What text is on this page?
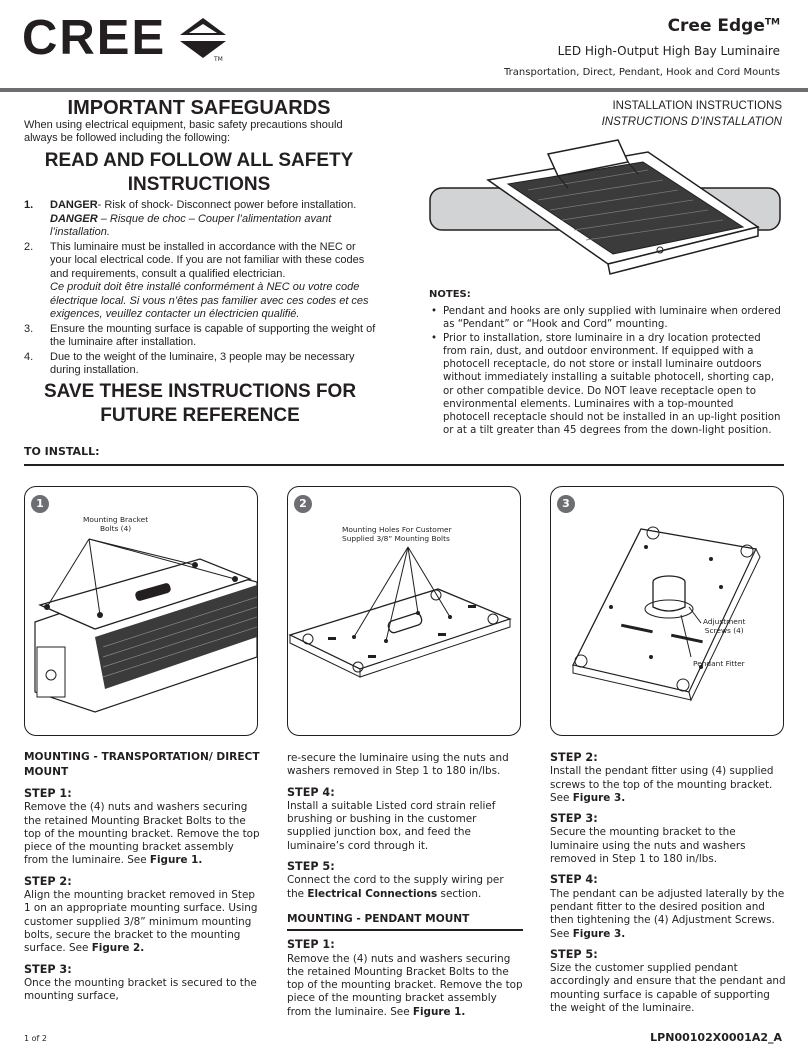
CREE	TM
Cree Edge™
LED High-Output High Bay Luminaire
Transportation, Direct, Pendant, Hook and Cord Mounts
IMPORTANT SAFEGUARDS
When using electrical equipment, basic safety precautions should always be followed including the following:
READ AND FOLLOW ALL SAFETY INSTRUCTIONS
1.	DANGER- Risk of shock- Disconnect power before installation.
DANGER – Risque de choc – Couper l’alimentation avant l’installation.
2.	This luminaire must be installed in accordance with the NEC or your local electrical code. If you are not familiar with these codes and requirements, consult a qualified electrician.
Ce produit doit être installé conformément à NEC ou votre code électrique local. Si vous n’êtes pas familier avec ces codes et ces exigences, veuillez contacter un électricien qualifié.
3.	Ensure the mounting surface is capable of supporting the weight of the luminaire after installation.
4.	Due to the weight of the luminaire, 3 people may be necessary during installation.
SAVE THESE INSTRUCTIONS FOR FUTURE REFERENCE
INSTALLATION INSTRUCTIONS
INSTRUCTIONS D’INSTALLATION
NOTES:
• Pendant and hooks are only supplied with luminaire when ordered as “Pendant” or “Hook and Cord” mounting.
• Prior to installation, store luminaire in a dry location protected from rain, dust, and outdoor environment. If equipped with a photocell receptacle, do not store or install luminaire outdoors without immediately installing a suitable photocell, shorting cap, or other compatible device. Do NOT leave receptacle open to environmental elements. Luminaires with a top-mounted photocell receptacle should not be installed in an up-light position or at a tilt greater than 45 degrees from the down-light position.
TO INSTALL:
1
Mounting Bracket
Bolts (4)
2
Mounting Holes For Customer
Supplied 3/8” Mounting Bolts
3
Adjustment
Screws (4)
Pendant Fitter
MOUNTING - TRANSPORTATION/ DIRECT MOUNT
STEP 1:

Remove the (4) nuts and washers securing the retained Mounting Bracket Bolts to the top of the mounting bracket. Remove the top piece of the mounting bracket assembly from the luminaire. See Figure 1.

STEP 2:

Align the mounting bracket removed in Step 1 on an appropriate mounting surface. Using customer supplied 3/8” minimum mounting bolts, secure the bracket to the mounting surface. See Figure 2.

STEP 3:

Once the mounting bracket is secured to the mounting surface,

re-secure the luminaire using the nuts and washers removed in Step 1 to 180 in/lbs.

STEP 4:

Install a suitable Listed cord strain relief brushing or bushing in the customer supplied junction box, and feed the luminaire’s cord through it.

STEP 5:

Connect the cord to the supply wiring per the Electrical Connections section.

MOUNTING - PENDANT MOUNT
STEP 1:

Remove the (4) nuts and washers securing the retained Mounting Bracket Bolts to the top of the mounting bracket. Remove the top piece of the mounting bracket assembly from the luminaire. See Figure 1.

STEP 2:

Install the pendant fitter using (4) supplied screws to the top of the mounting bracket. See Figure 3.

STEP 3:

Secure the mounting bracket to the luminaire using the nuts and washers removed in Step 1 to 180 in/lbs.

STEP 4:

The pendant can be adjusted laterally by the pendant fitter to the desired position and then tightening the (4) Adjustment Screws. See Figure 3.

STEP 5:

Size the customer supplied pendant accordingly and ensure that the pendant and mounting surface is capable of supporting the weight of the luminaire.

1 of 2	LPN00102X0001A2_A
